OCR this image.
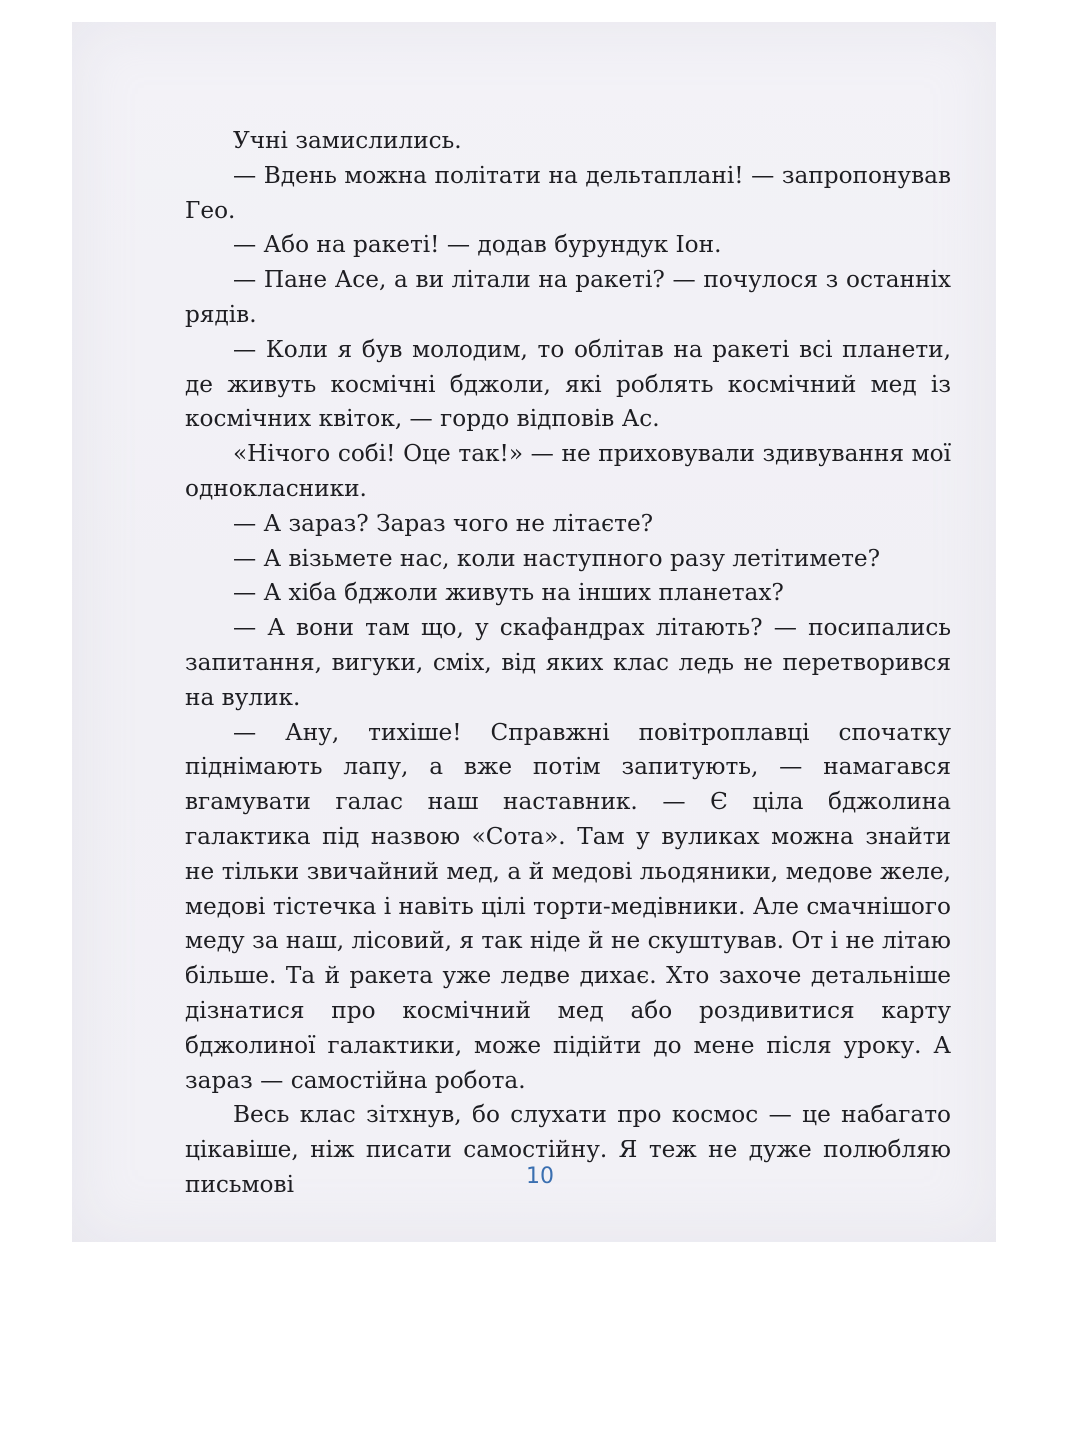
Учні замислились.

— Вдень можна політати на дельтаплані! — запропонував Гео.

— Або на ракеті! — додав бурундук Іон.

— Пане Асе, а ви літали на ракеті? — почулося з останніх рядів.

— Коли я був молодим, то облітав на ракеті всі планети, де живуть космічні бджоли, які роблять космічний мед із космічних квіток, — гордо відповів Ас.

«Нічого собі! Оце так!» — не приховували здивування мої однокласники.

— А зараз? Зараз чого не літаєте?

— А візьмете нас, коли наступного разу летітимете?

— А хіба бджоли живуть на інших планетах?

— А вони там що, у скафандрах літають? — посипались запитання, вигуки, сміх, від яких клас ледь не перетворився на вулик.

— Ану, тихіше! Справжні повітроплавці спочатку піднімають лапу, а вже потім запитують, — намагався вгамувати галас наш наставник. — Є ціла бджолина галактика під назвою «Сота». Там у вуликах можна знайти не тільки звичайний мед, а й медові льодяники, медове желе, медові тістечка і навіть цілі торти-медівники. Але смачнішого меду за наш, лісовий, я так ніде й не скуштував. От і не літаю більше. Та й ракета уже ледве дихає. Хто захоче детальніше дізнатися про космічний мед або роздивитися карту бджолиної галактики, може підійти до мене після уроку. А зараз — самостійна робота.

Весь клас зітхнув, бо слухати про космос — це набагато цікавіше, ніж писати самостійну. Я теж не дуже полюбляю письмові	10
